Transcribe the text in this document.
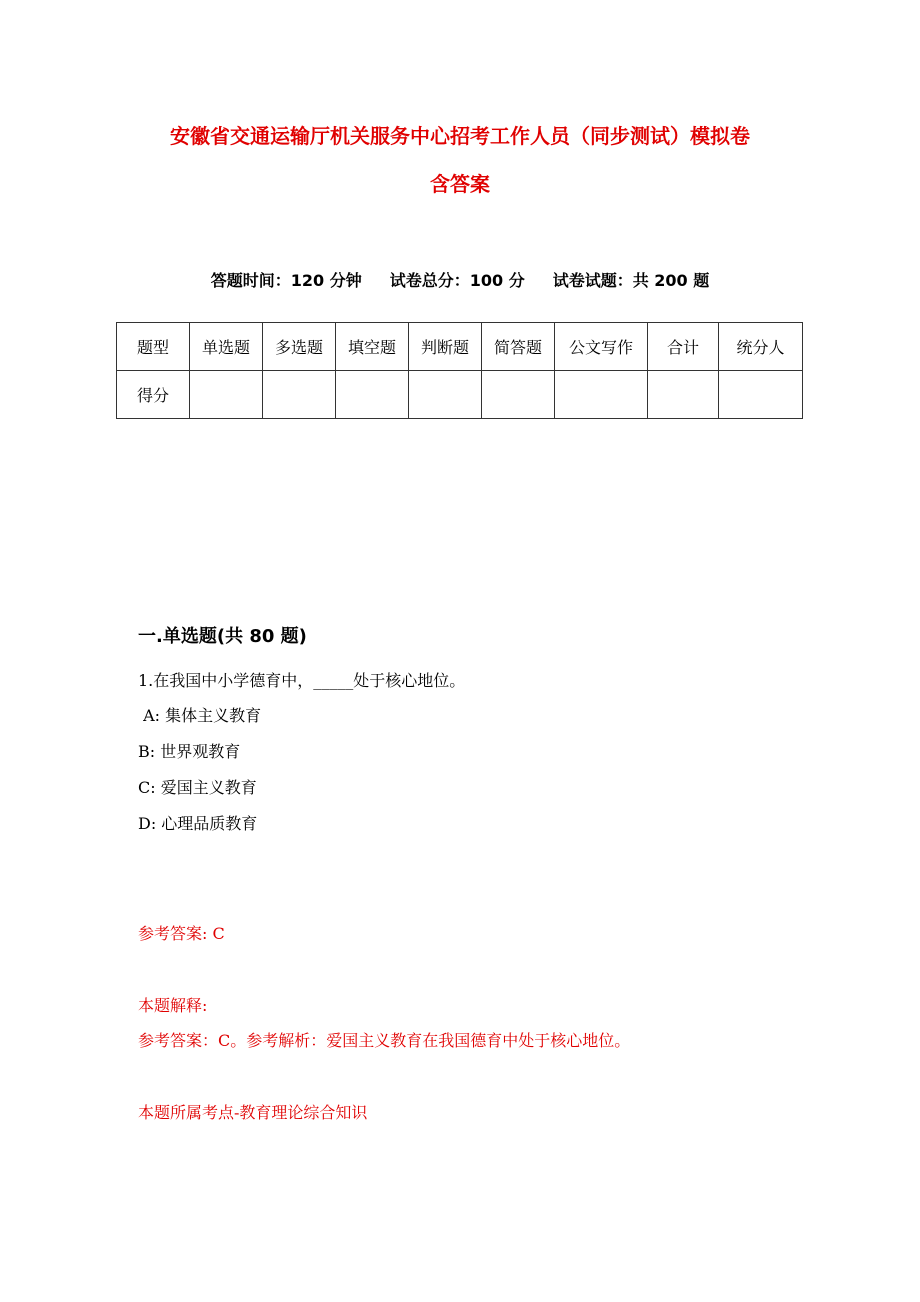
安徽省交通运输厅机关服务中心招考工作人员（同步测试）模拟卷
含答案
答题时间：120 分钟 试卷总分：100 分 试卷试题：共 200 题
题型	单选题	多选题	填空题	判断题	简答题	公文写作	合计	统分人
得分								
一.单选题(共 80 题)
1.在我国中小学德育中，_____处于核心地位。
A: 集体主义教育
B: 世界观教育
C: 爱国主义教育
D: 心理品质教育
参考答案: C
本题解释:
参考答案：C。参考解析：爱国主义教育在我国德育中处于核心地位。
本题所属考点-教育理论综合知识
